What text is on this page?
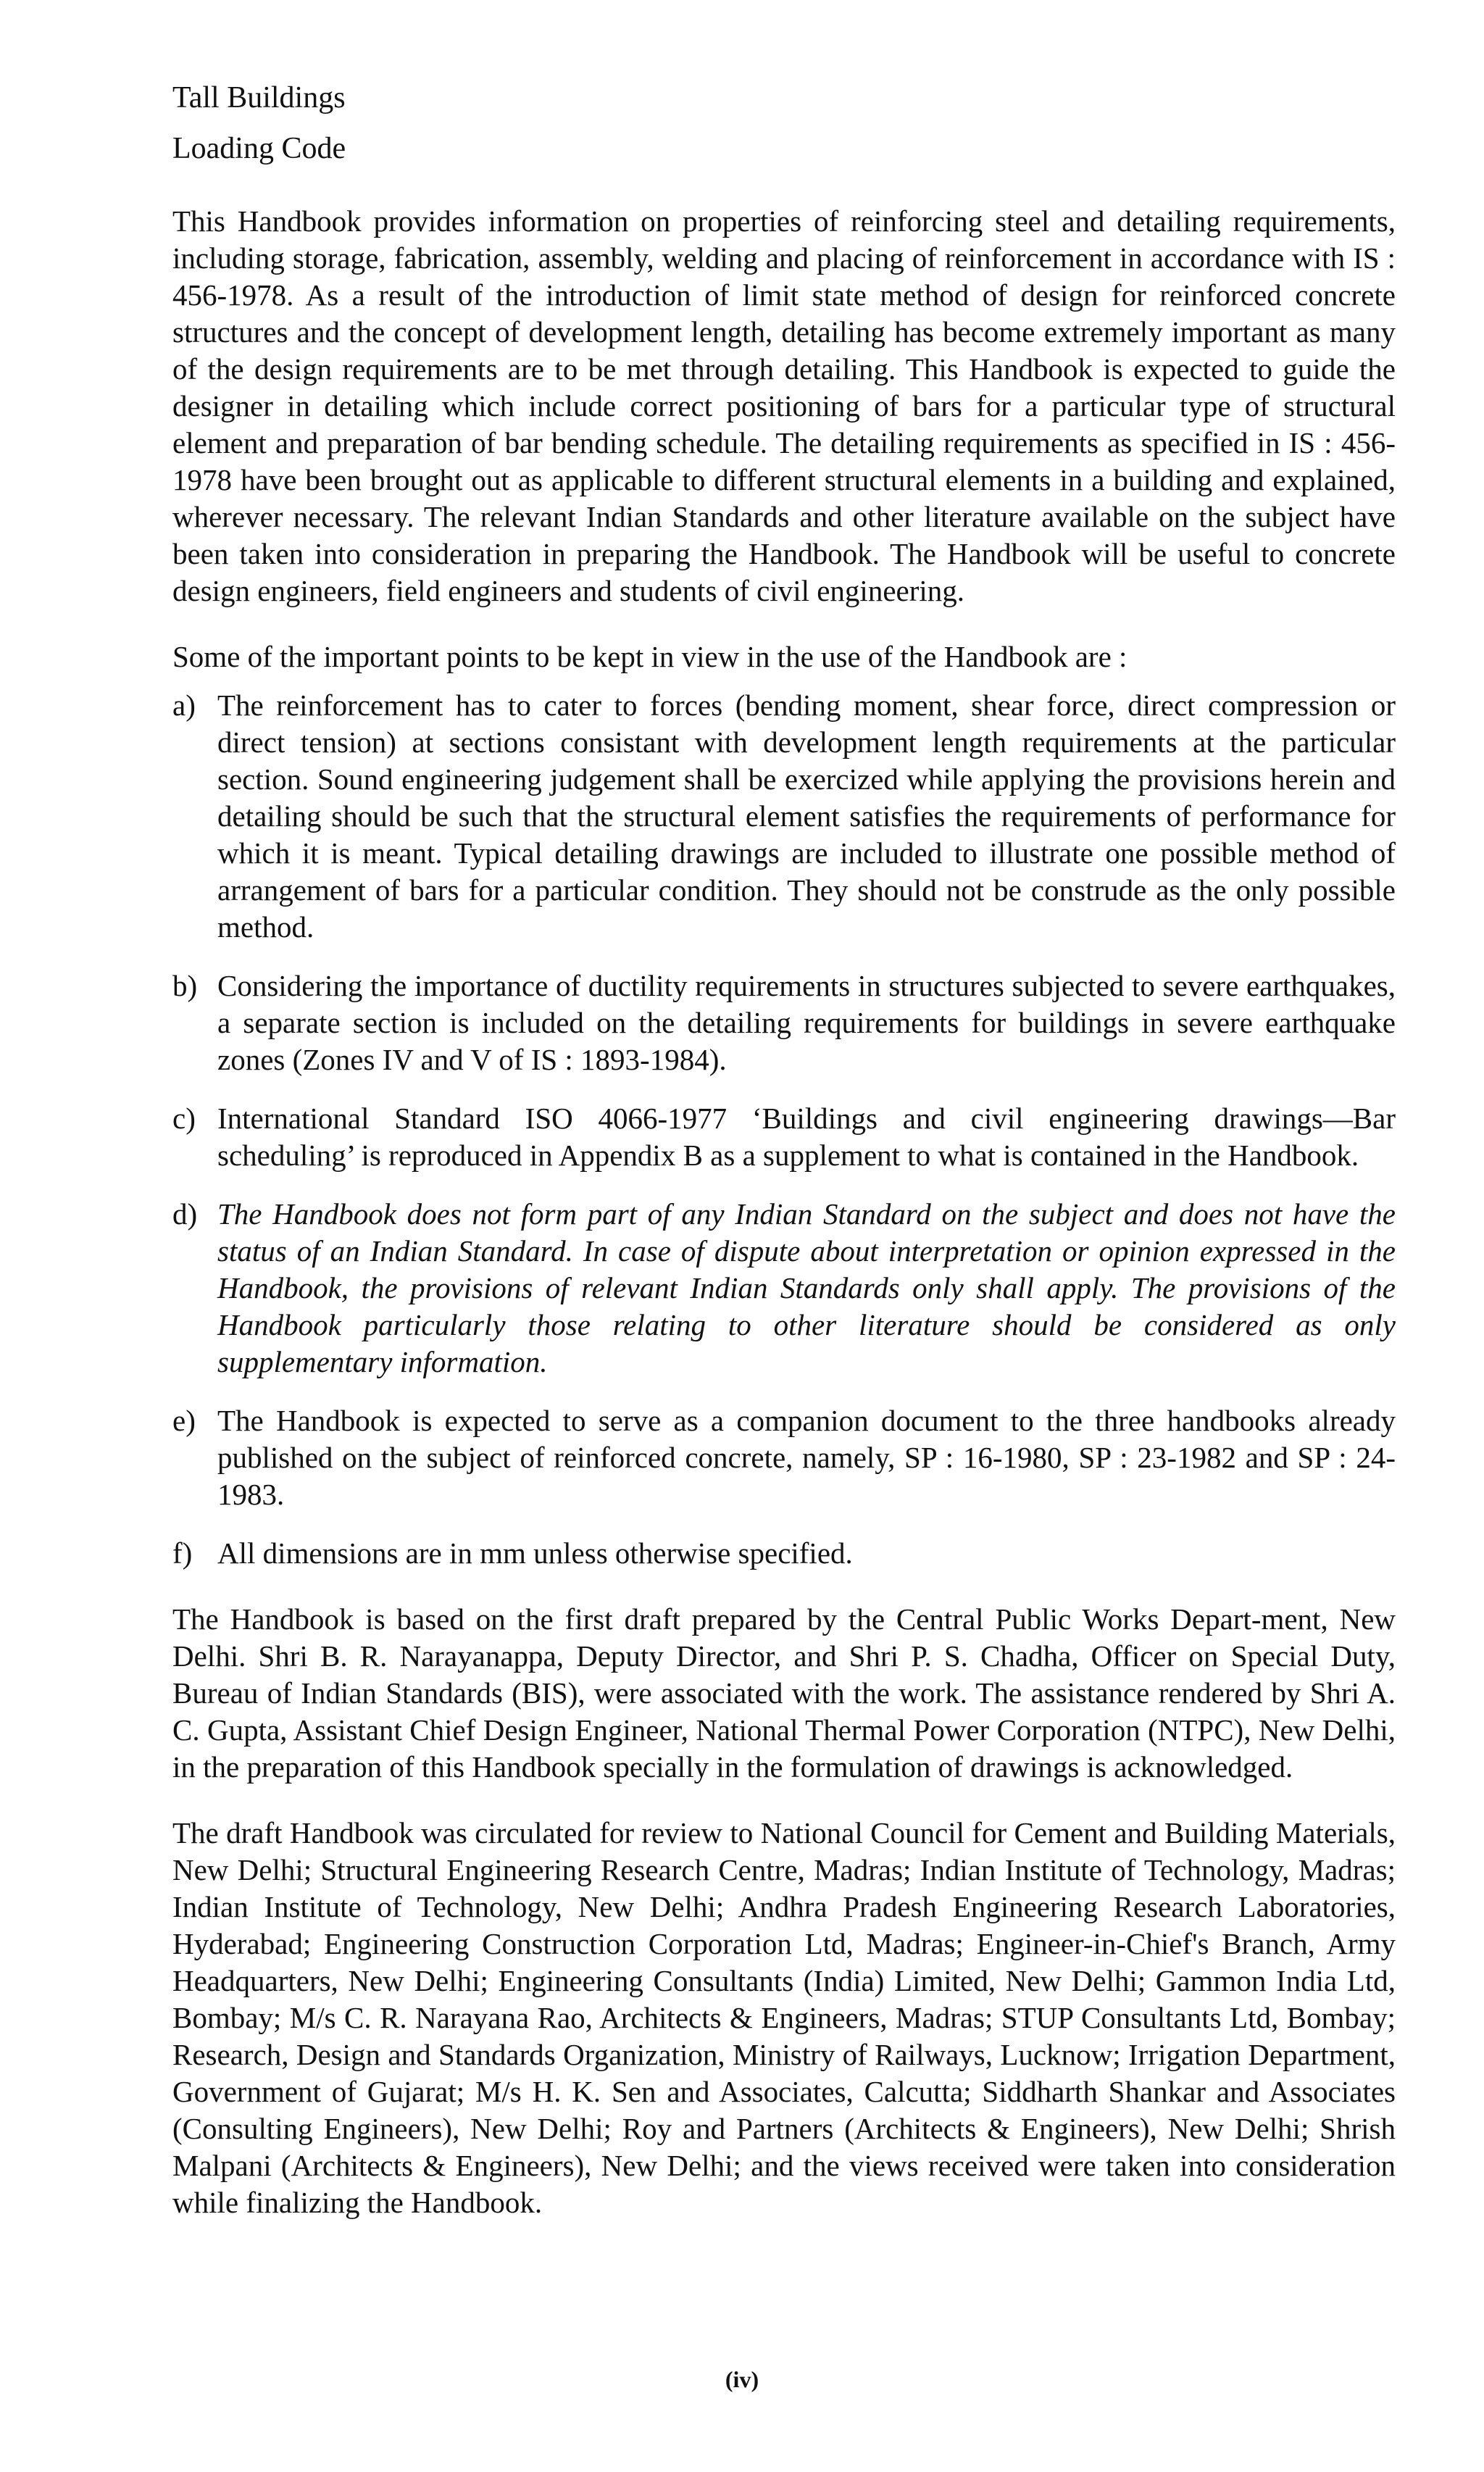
Tall Buildings
Loading Code

This Handbook provides information on properties of reinforcing steel and detailing requirements, including storage, fabrication, assembly, welding and placing of reinforcement in accordance with IS : 456-1978. As a result of the introduction of limit state method of design for reinforced concrete structures and the concept of development length, detailing has become extremely important as many of the design requirements are to be met through detailing. This Handbook is expected to guide the designer in detailing which include correct positioning of bars for a particular type of structural element and preparation of bar bending schedule. The detailing requirements as specified in IS : 456-1978 have been brought out as applicable to different structural elements in a building and explained, wherever necessary. The relevant Indian Standards and other literature available on the subject have been taken into consideration in preparing the Handbook. The Handbook will be useful to concrete design engineers, field engineers and students of civil engineering.

Some of the important points to be kept in view in the use of the Handbook are :

a) The reinforcement has to cater to forces (bending moment, shear force, direct compression or direct tension) at sections consistant with development length requirements at the particular section. Sound engineering judgement shall be exercized while applying the provisions herein and detailing should be such that the structural element satisfies the requirements of performance for which it is meant. Typical detailing drawings are included to illustrate one possible method of arrangement of bars for a particular condition. They should not be construde as the only possible method.

b) Considering the importance of ductility requirements in structures subjected to severe earthquakes, a separate section is included on the detailing requirements for buildings in severe earthquake zones (Zones IV and V of IS : 1893-1984).

c) International Standard ISO 4066-1977 ‘Buildings and civil engineering drawings—Bar scheduling’ is reproduced in Appendix B as a supplement to what is contained in the Handbook.

d) The Handbook does not form part of any Indian Standard on the subject and does not have the status of an Indian Standard. In case of dispute about interpretation or opinion expressed in the Handbook, the provisions of relevant Indian Standards only shall apply. The provisions of the Handbook particularly those relating to other literature should be considered as only supplementary information.

e) The Handbook is expected to serve as a companion document to the three handbooks already published on the subject of reinforced concrete, namely, SP : 16-1980, SP : 23-1982 and SP : 24-1983.

f) All dimensions are in mm unless otherwise specified.

The Handbook is based on the first draft prepared by the Central Public Works Depart-ment, New Delhi. Shri B. R. Narayanappa, Deputy Director, and Shri P. S. Chadha, Officer on Special Duty, Bureau of Indian Standards (BIS), were associated with the work. The assistance rendered by Shri A. C. Gupta, Assistant Chief Design Engineer, National Thermal Power Corporation (NTPC), New Delhi, in the preparation of this Handbook specially in the formulation of drawings is acknowledged.

The draft Handbook was circulated for review to National Council for Cement and Building Materials, New Delhi; Structural Engineering Research Centre, Madras; Indian Institute of Technology, Madras; Indian Institute of Technology, New Delhi; Andhra Pradesh Engineering Research Laboratories, Hyderabad; Engineering Construction Corporation Ltd, Madras; Engineer-in-Chief's Branch, Army Headquarters, New Delhi; Engineering Consultants (India) Limited, New Delhi; Gammon India Ltd, Bombay; M/s C. R. Narayana Rao, Architects & Engineers, Madras; STUP Consultants Ltd, Bombay; Research, Design and Standards Organization, Ministry of Railways, Lucknow; Irrigation Department, Government of Gujarat; M/s H. K. Sen and Associates, Calcutta; Siddharth Shankar and Associates (Consulting Engineers), New Delhi; Roy and Partners (Architects & Engineers), New Delhi; Shrish Malpani (Architects & Engineers), New Delhi; and the views received were taken into consideration while finalizing the Handbook.

(iv)
